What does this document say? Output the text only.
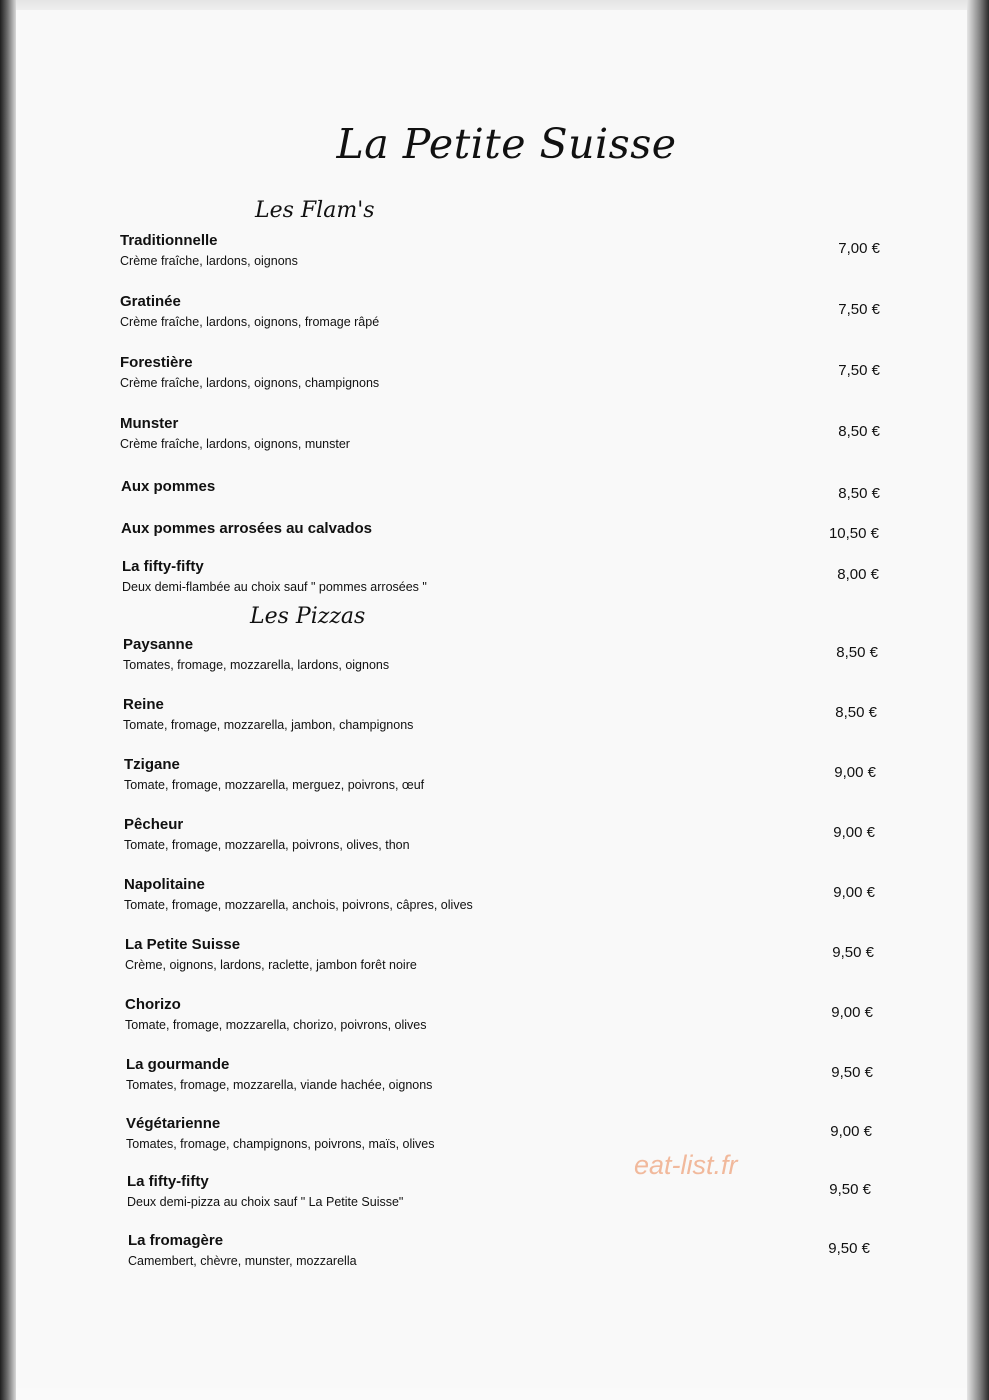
La Petite Suisse
Les Flam's
Traditionnelle
Crème fraîche, lardons, oignons
7,00 €
Gratinée
Crème fraîche, lardons, oignons, fromage râpé
7,50 €
Forestière
Crème fraîche, lardons, oignons, champignons
7,50 €
Munster
Crème fraîche, lardons, oignons, munster
8,50 €
Aux pommes	8,50 €
Aux pommes arrosées au calvados	10,50 €
La fifty-fifty
Deux demi-flambée au choix sauf " pommes arrosées "
8,00 €
Les Pizzas
Paysanne
Tomates, fromage, mozzarella, lardons, oignons
8,50 €
Reine
Tomate, fromage, mozzarella, jambon, champignons
8,50 €
Tzigane
Tomate, fromage, mozzarella, merguez, poivrons, œuf
9,00 €
Pêcheur
Tomate, fromage, mozzarella, poivrons, olives, thon
9,00 €
Napolitaine
Tomate, fromage, mozzarella, anchois, poivrons, câpres, olives
9,00 €
La Petite Suisse
Crème, oignons, lardons, raclette, jambon forêt noire
9,50 €
Chorizo
Tomate, fromage, mozzarella, chorizo, poivrons, olives
9,00 €
La gourmande
Tomates, fromage, mozzarella, viande hachée, oignons
9,50 €
Végétarienne
Tomates, fromage, champignons, poivrons, maïs, olives
9,00 €
La fifty-fifty
Deux demi-pizza au choix sauf " La Petite Suisse"
9,50 €
La fromagère
Camembert, chèvre, munster, mozzarella
9,50 €
eat-list.fr
